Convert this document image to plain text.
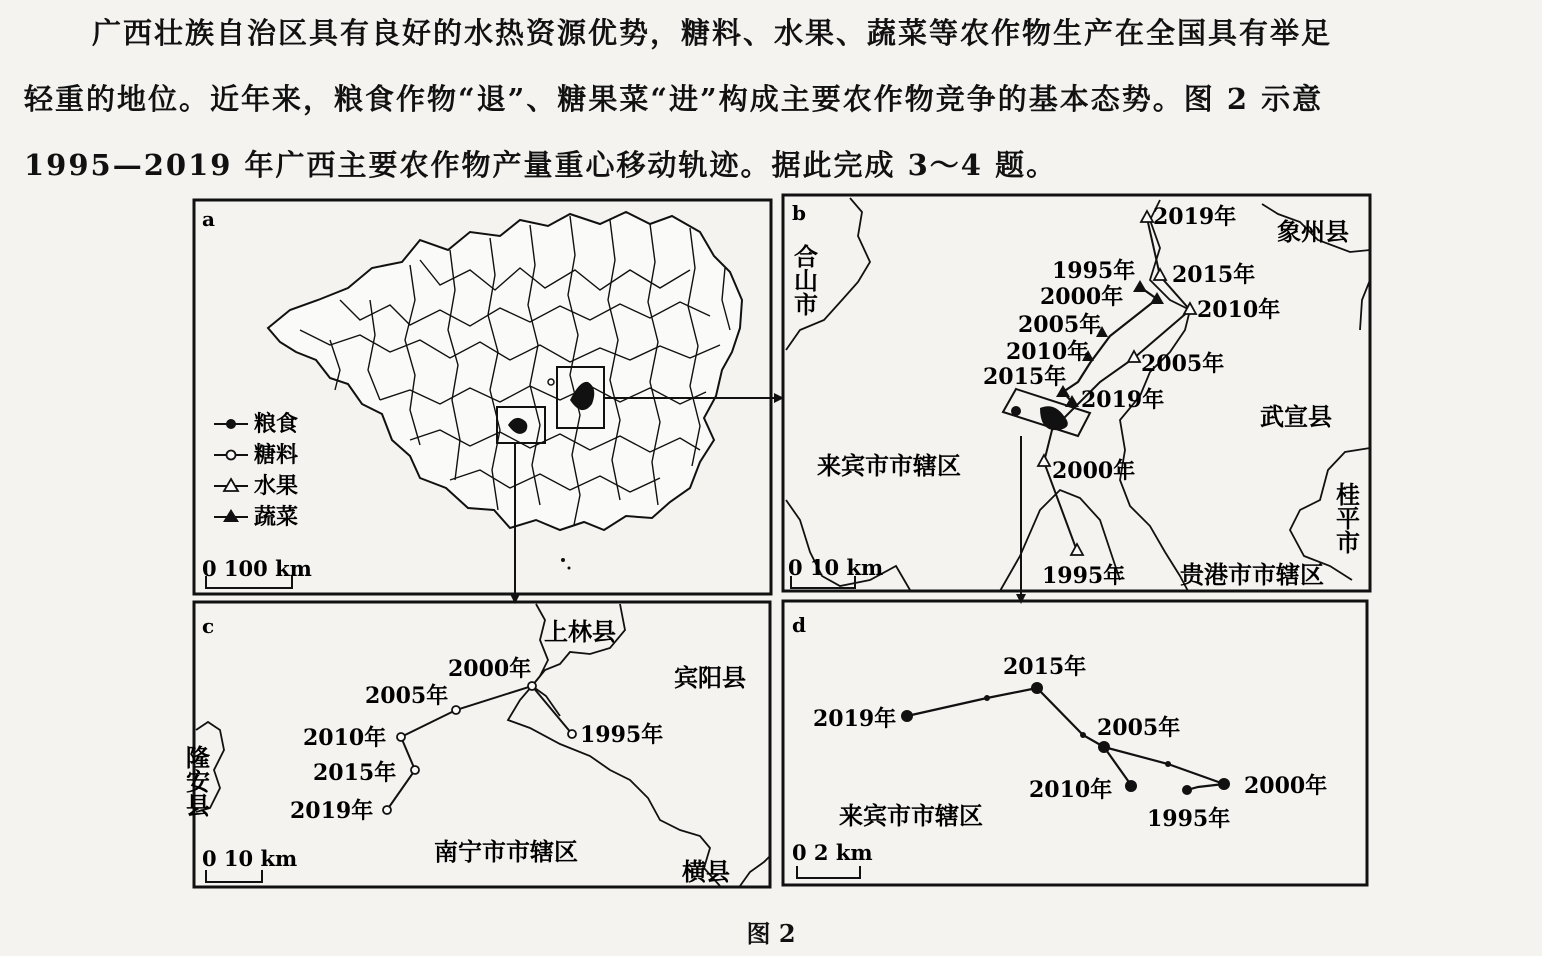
广西壮族自治区具有良好的水热资源优势，糖料、水果、蔬菜等农作物生产在全国具有举足
轻重的地位。近年来，粮食作物“退”、糖果菜“进”构成主要农作物竞争的基本态势。图 2 示意
1995—2019 年广西主要农作物产量重心移动轨迹。据此完成 3～4 题。
a
粮食
糖料
水果
蔬菜
0 100 km
b
合山市
象州县
武宣县
来宾市市辖区
桂平市
贵港市市辖区
2019年
2015年
2010年
2005年
2000年
1995年
1995年
2000年
2005年
2010年
2015年
2019年
0 10 km
c	上林县
宾阳县
隆安县
南宁市市辖区
横县
1995年
2000年
2005年
2010年
2015年
2019年
0 10 km
d
来宾市市辖区	1995年
2000年
2005年
2010年
2015年
2019年
0 2 km
图 2
